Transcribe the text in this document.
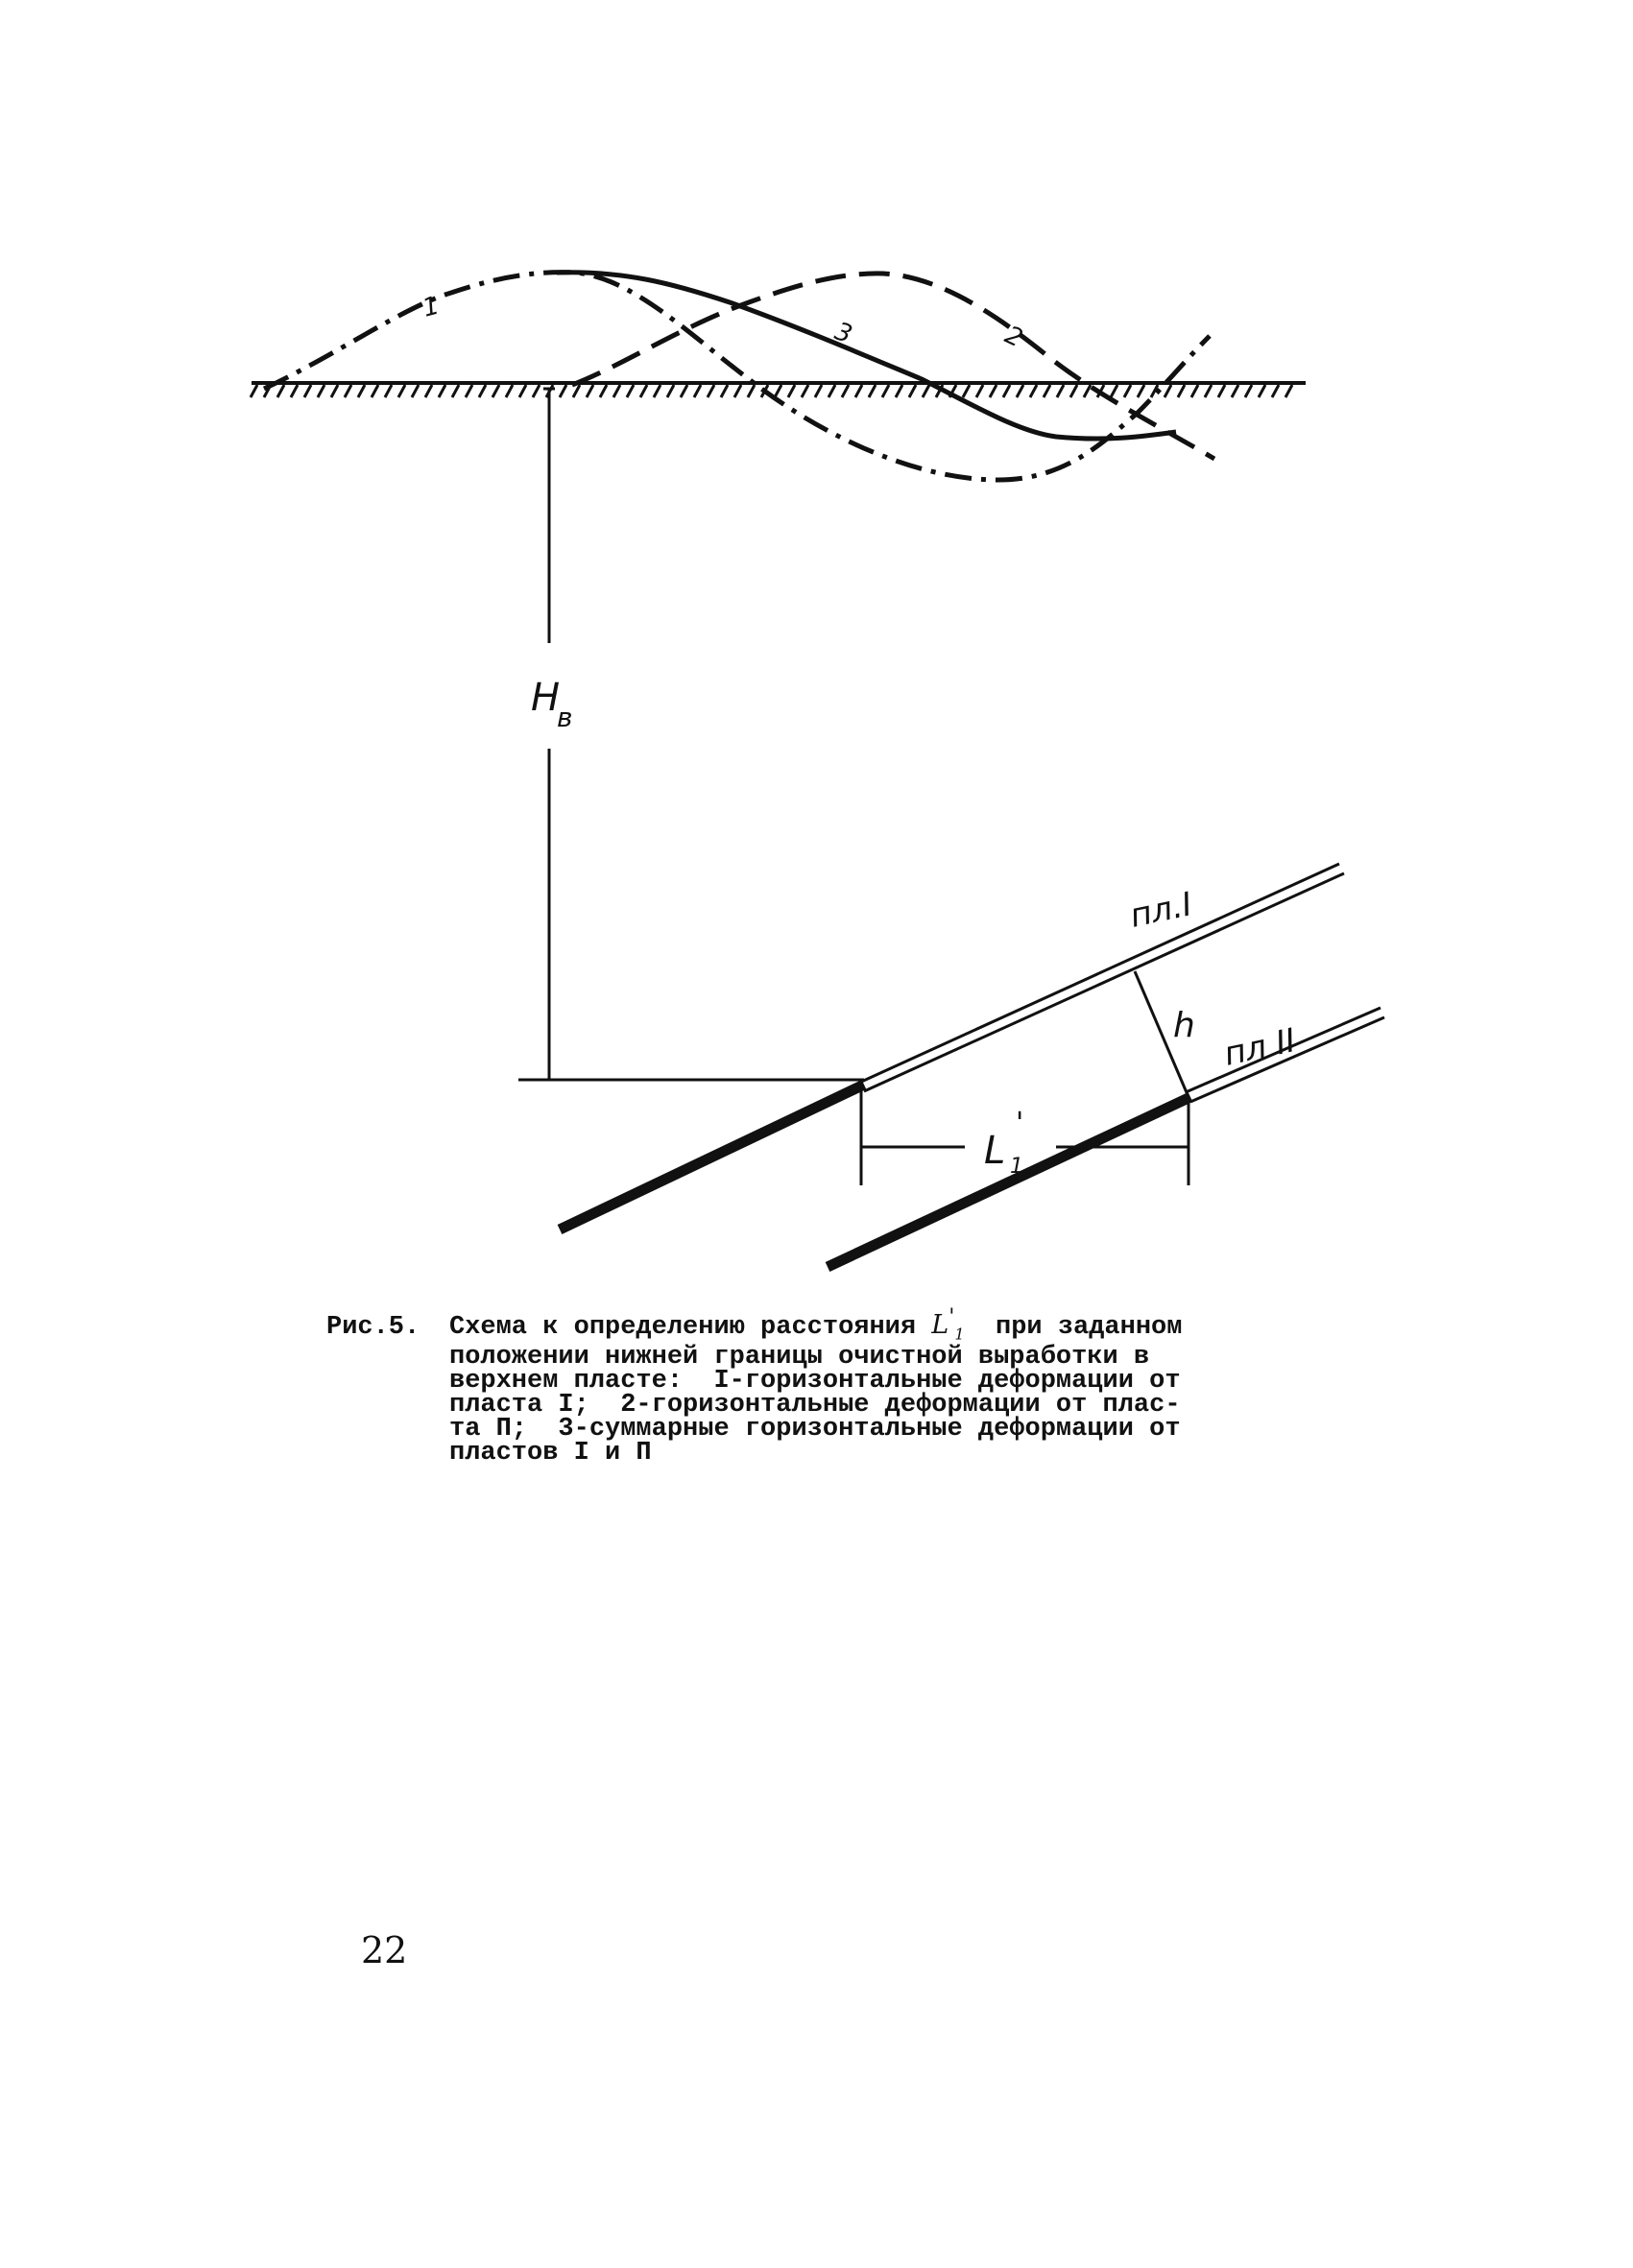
1
2
3
H
в
пл.I
пл II
h
L
'
1
Рис.5. Схема к определению расстояния $L'_1$  при заданном
положении нижней границы очистной выработки в
верхнем пласте:  I-горизонтальные деформации от
пласта I;  2-горизонтальные деформации от плас-
та П;  3-суммарные горизонтальные деформации от
пластов I и П
22
